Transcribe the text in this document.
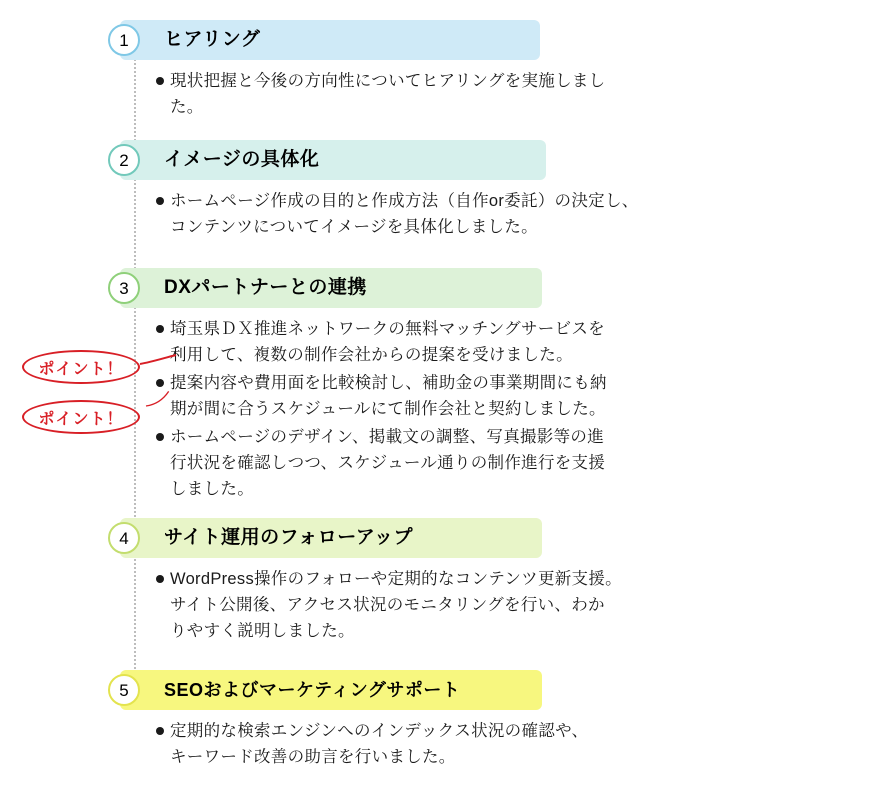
1	ヒアリング
現状把握と今後の方向性についてヒアリングを実施しまし
た。
2	イメージの具体化
ホームページ作成の目的と作成方法（自作or委託）の決定し、
コンテンツについてイメージを具体化しました。
3	DXパートナーとの連携
埼玉県ＤＸ推進ネットワークの無料マッチングサービスを
利用して、複数の制作会社からの提案を受けました。
提案内容や費用面を比較検討し、補助金の事業期間にも納
期が間に合うスケジュールにて制作会社と契約しました。
ホームページのデザイン、掲載文の調整、写真撮影等の進
行状況を確認しつつ、スケジュール通りの制作進行を支援
しました。
4	サイト運用のフォローアップ
WordPress操作のフォローや定期的なコンテンツ更新支援。
サイト公開後、アクセス状況のモニタリングを行い、わか
りやすく説明しました。
5	SEOおよびマーケティングサポート
定期的な検索エンジンへのインデックス状況の確認や、
キーワード改善の助言を行いました。
ポイント！
ポイント！
